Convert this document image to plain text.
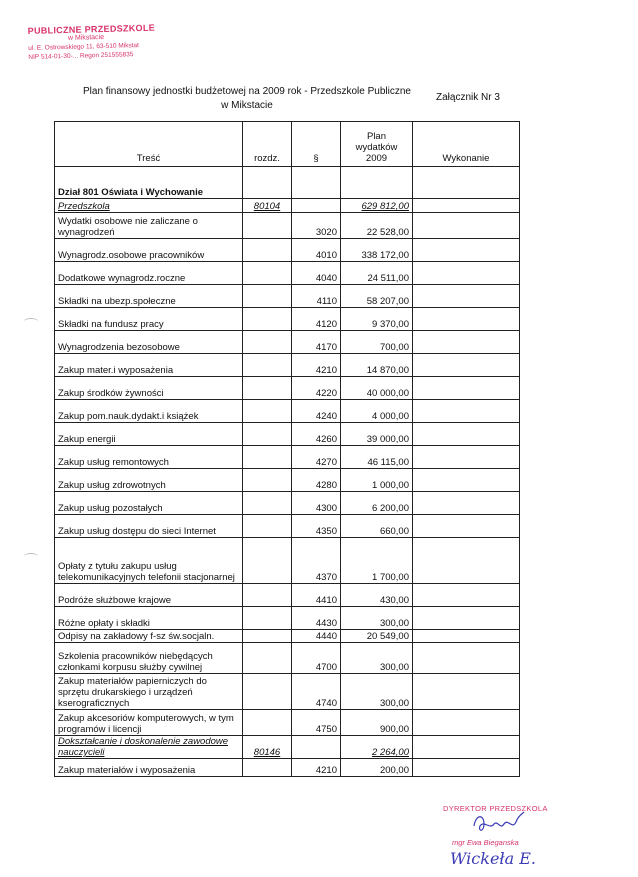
PUBLICZNE PRZEDSZKOLE
w Mikstacie
ul. E. Ostrowskiego 11, 63-510 Mikstat
NIP 514-01-30-... Regon 251555835
Plan finansowy jednostki budżetowej na 2009 rok - Przedszkole Publiczne
w Mikstacie
Załącznik Nr 3
Treść	rozdz.	§	Plan
wydatków
2009	Wykonanie
Dział 801 Oświata i Wychowanie				
Przedszkola	80104		629 812,00	
Wydatki osobowe nie zaliczane o wynagrodzeń		3020	22 528,00	
Wynagrodz.osobowe pracowników		4010	338 172,00	
Dodatkowe wynagrodz.roczne		4040	24 511,00	
Składki na ubezp.społeczne		4110	58 207,00	
Składki na fundusz pracy		4120	9 370,00	
Wynagrodzenia bezosobowe		4170	700,00	
Zakup mater.i wyposażenia		4210	14 870,00	
Zakup środków żywności		4220	40 000,00	
Zakup pom.nauk.dydakt.i książek		4240	4 000,00	
Zakup energii		4260	39 000,00	
Zakup usług remontowych		4270	46 115,00	
Zakup usług zdrowotnych		4280	1 000,00	
Zakup usług pozostałych		4300	6 200,00	
Zakup usług dostępu do sieci Internet		4350	660,00	
Opłaty z tytułu zakupu usług telekomunikacyjnych telefonii stacjonarnej		4370	1 700,00	
Podróże służbowe krajowe		4410	430,00	
Różne opłaty i składki		4430	300,00	
Odpisy na zakładowy f-sz św.socjaln.		4440	20 549,00	
Szkolenia pracowników niebędących członkami korpusu służby cywilnej		4700	300,00	
Zakup materiałów papierniczych do sprzętu drukarskiego i urządzeń kserograficznych		4740	300,00	
Zakup akcesoriów komputerowych, w tym programów i licencji		4750	900,00	
Dokształcanie i doskonalenie zawodowe nauczycieli	80146		2 264,00	
Zakup materiałów i wyposażenia		4210	200,00	
DYREKTOR PRZEDSZKOLA
mgr Ewa Bieganska
Wickeła E.
